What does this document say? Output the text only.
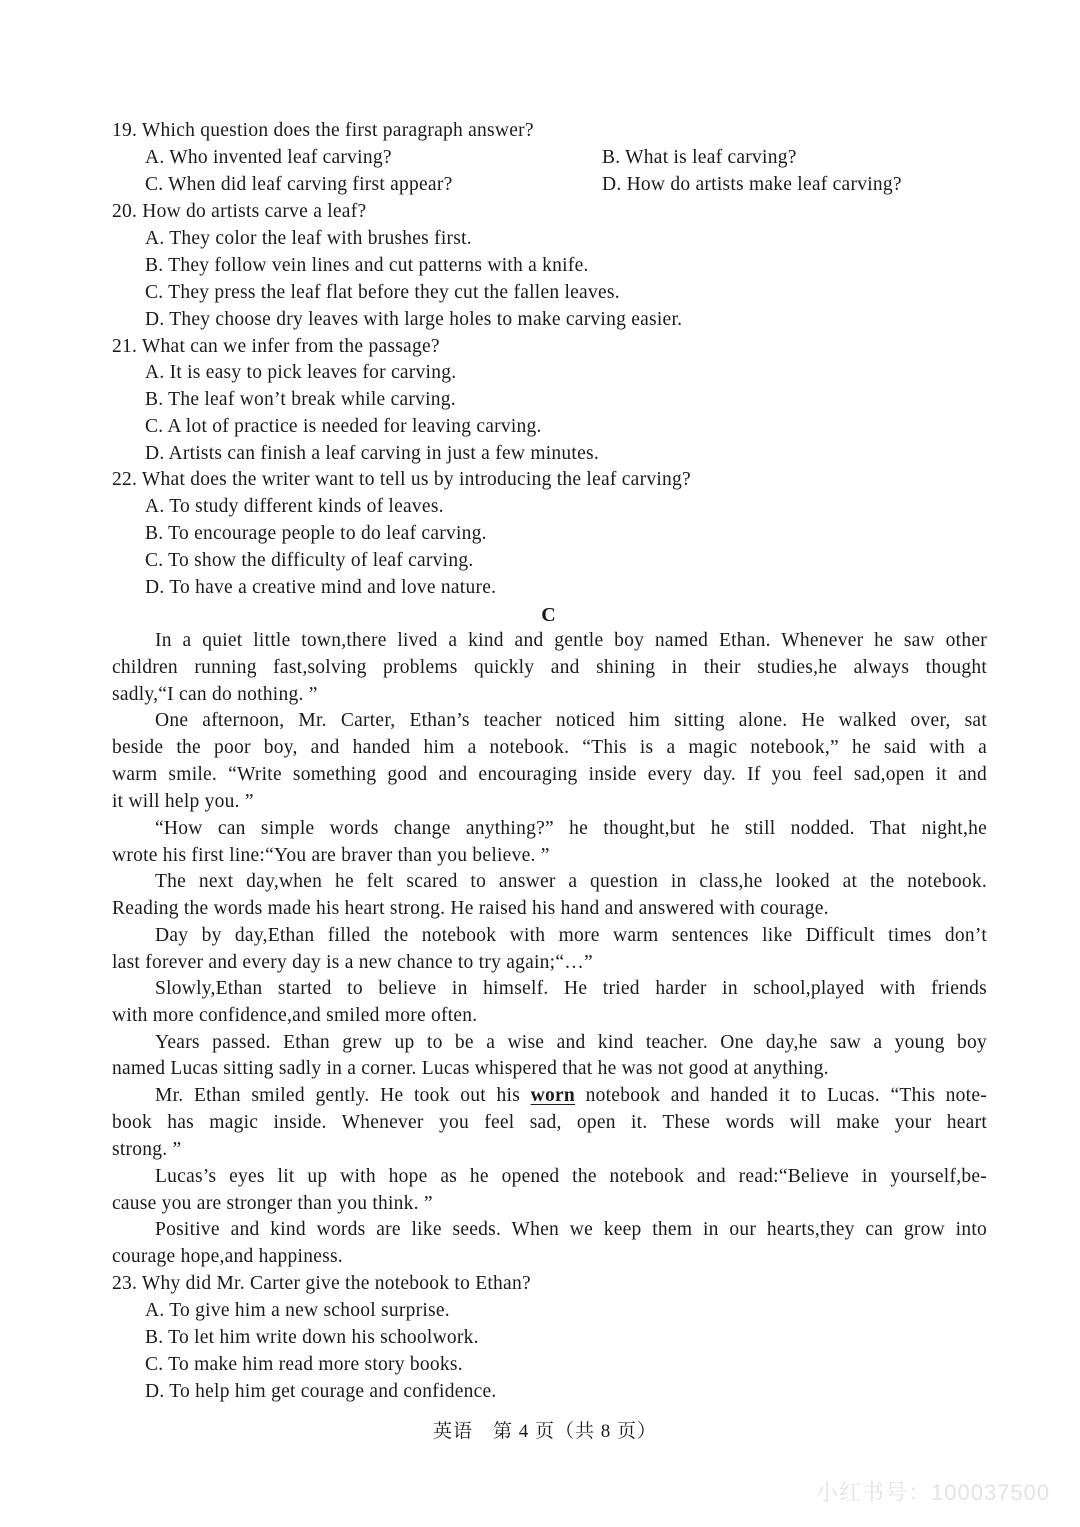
19. Which question does the first paragraph answer?
A. Who invented leaf carving?	B. What is leaf carving?
C. When did leaf carving first appear?	D. How do artists make leaf carving?
20. How do artists carve a leaf?
A. They color the leaf with brushes first.
B. They follow vein lines and cut patterns with a knife.
C. They press the leaf flat before they cut the fallen leaves.
D. They choose dry leaves with large holes to make carving easier.
21. What can we infer from the passage?
A. It is easy to pick leaves for carving.
B. The leaf won’t break while carving.
C. A lot of practice is needed for leaving carving.
D. Artists can finish a leaf carving in just a few minutes.
22. What does the writer want to tell us by introducing the leaf carving?
A. To study different kinds of leaves.
B. To encourage people to do leaf carving.
C. To show the difficulty of leaf carving.
D. To have a creative mind and love nature.
C
In a quiet little town,there lived a kind and gentle boy named Ethan. Whenever he saw other
children running fast,solving problems quickly and shining in their studies,he always thought
sadly,“I can do nothing. ”
One afternoon, Mr. Carter, Ethan’s teacher noticed him sitting alone. He walked over, sat
beside the poor boy, and handed him a notebook. “This is a magic notebook,” he said with a
warm smile. “Write something good and encouraging inside every day. If you feel sad,open it and
it will help you. ”
“How can simple words change anything?” he thought,but he still nodded. That night,he
wrote his first line:“You are braver than you believe. ”
The next day,when he felt scared to answer a question in class,he looked at the notebook.
Reading the words made his heart strong. He raised his hand and answered with courage.
Day by day,Ethan filled the notebook with more warm sentences like Difficult times don’t
last forever and every day is a new chance to try again;“…”
Slowly,Ethan started to believe in himself. He tried harder in school,played with friends
with more confidence,and smiled more often.
Years passed. Ethan grew up to be a wise and kind teacher. One day,he saw a young boy
named Lucas sitting sadly in a corner. Lucas whispered that he was not good at anything.
Mr. Ethan smiled gently. He took out his worn notebook and handed it to Lucas. “This note-
book has magic inside. Whenever you feel sad, open it. These words will make your heart
strong. ”
Lucas’s eyes lit up with hope as he opened the notebook and read:“Believe in yourself,be-
cause you are stronger than you think. ”
Positive and kind words are like seeds. When we keep them in our hearts,they can grow into
courage hope,and happiness.
23. Why did Mr. Carter give the notebook to Ethan?
A. To give him a new school surprise.
B. To let him write down his schoolwork.
C. To make him read more story books.
D. To help him get courage and confidence.
英语　第 4 页（共 8 页）
小红书号：100037500
